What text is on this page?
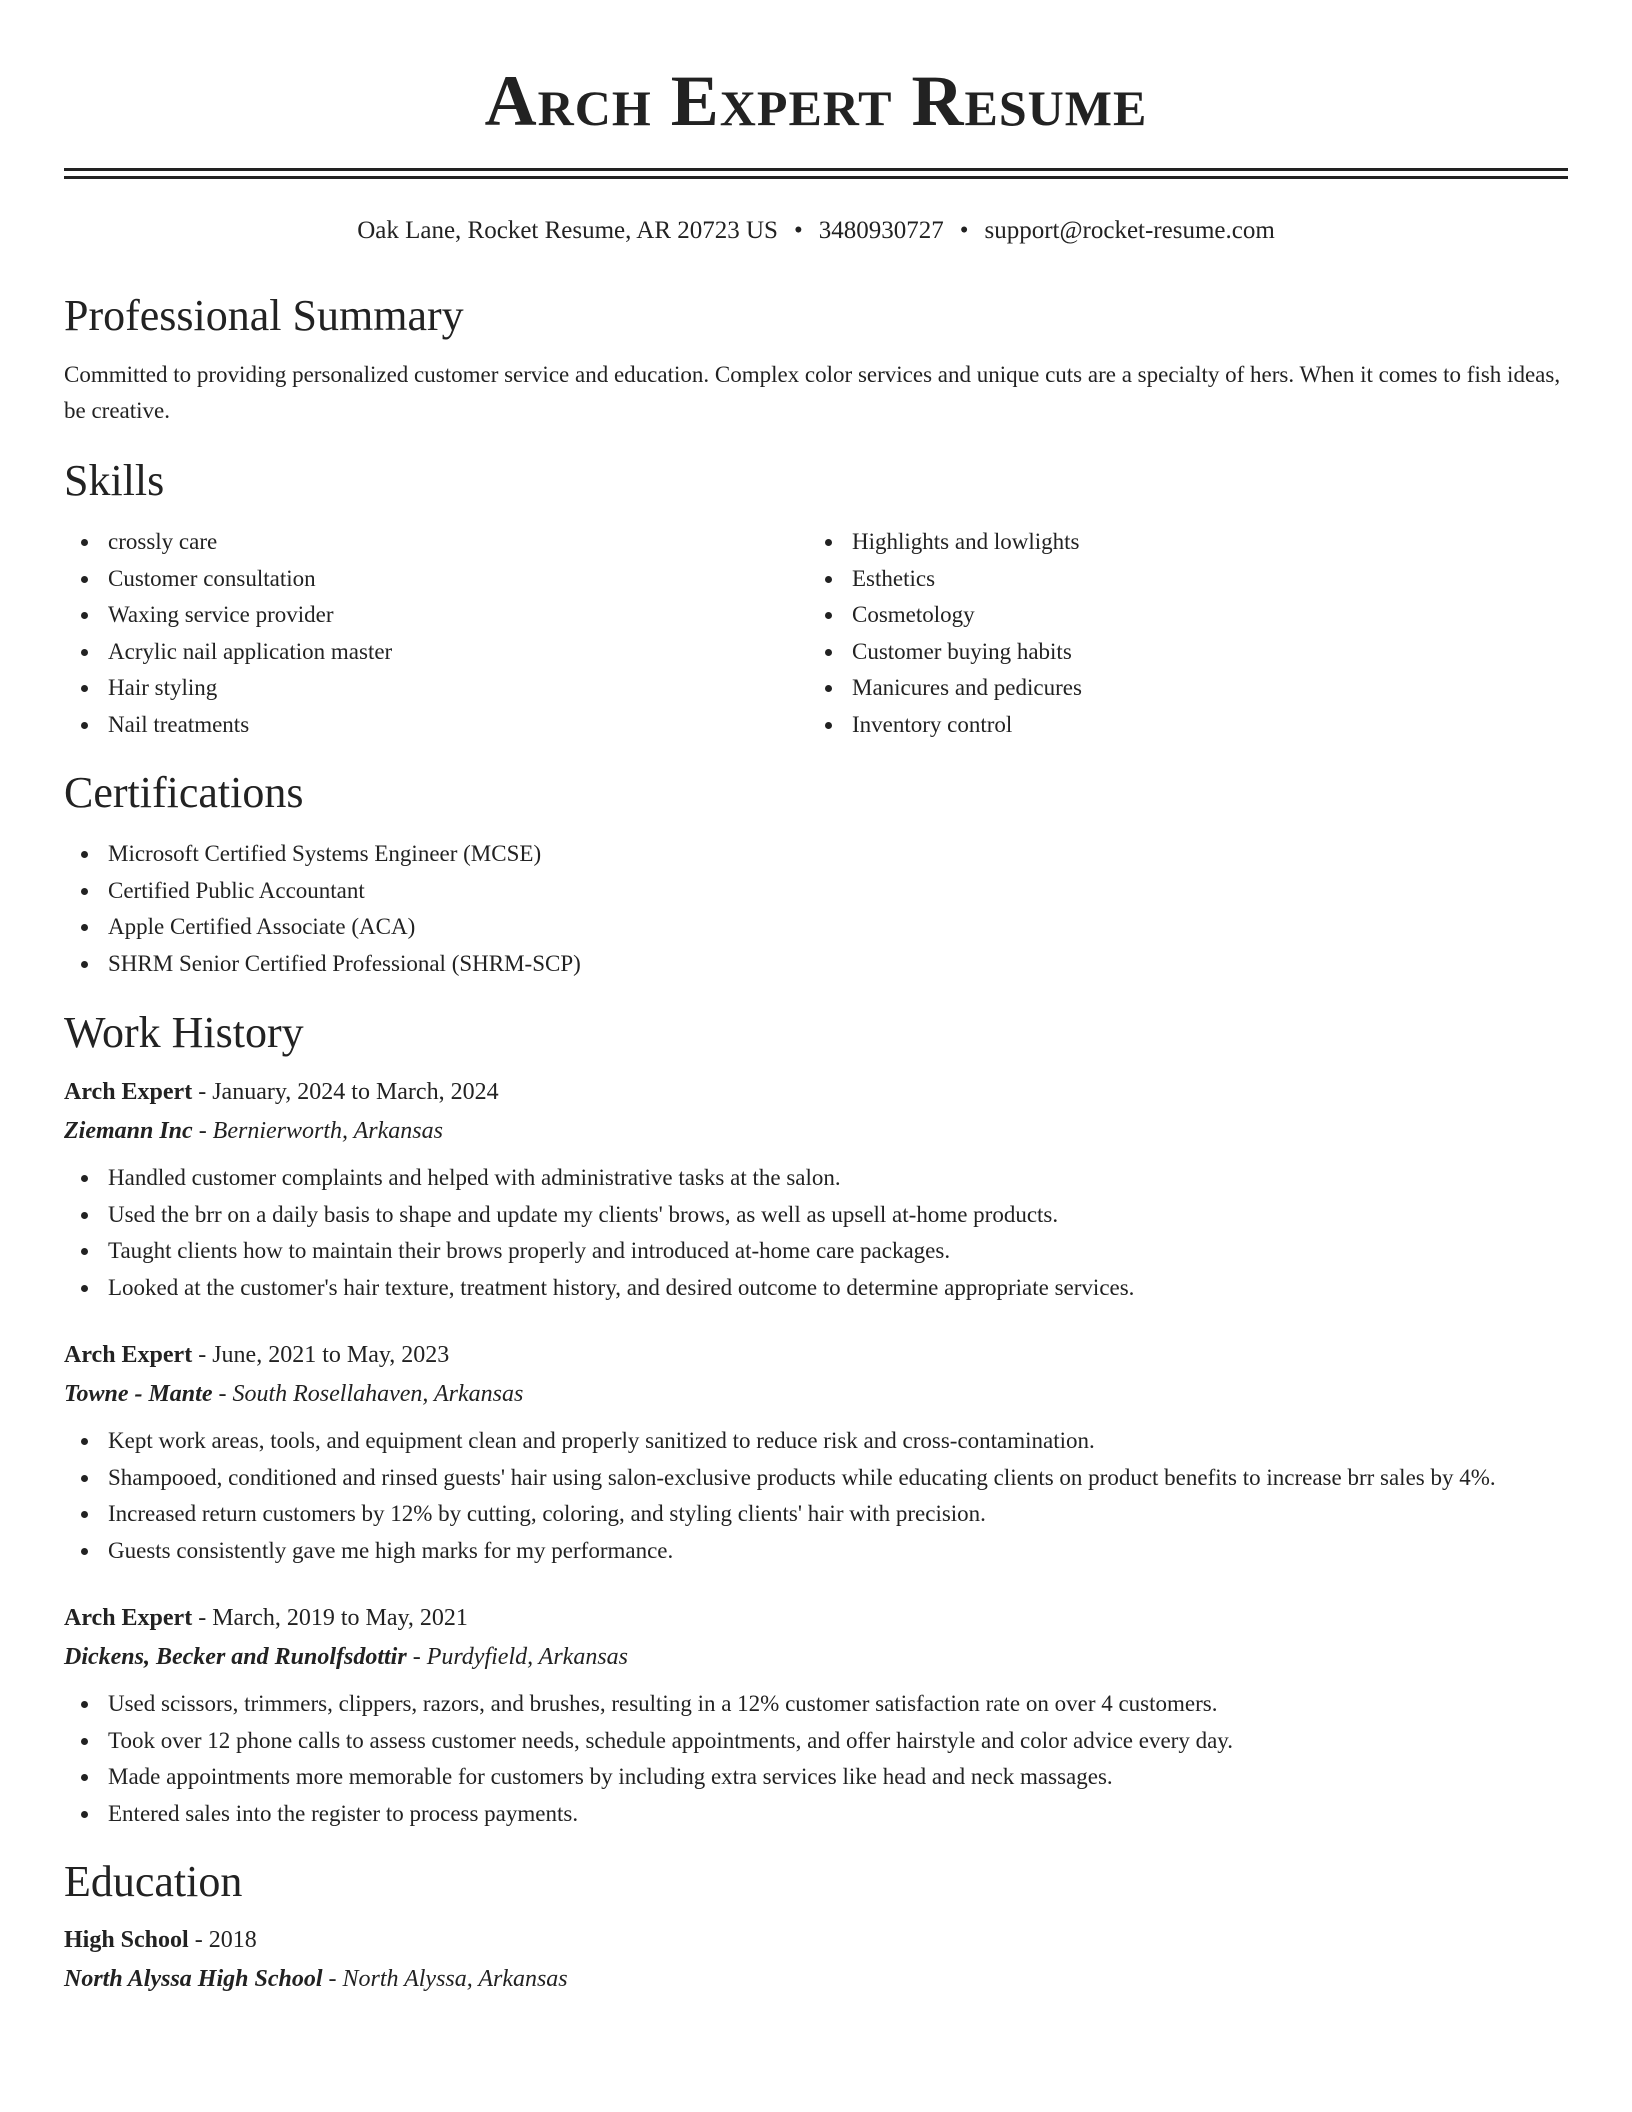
Arch Expert Resume
Oak Lane, Rocket Resume, AR 20723 US • 3480930727 • support@rocket-resume.com
Professional Summary

Committed to providing personalized customer service and education. Complex color services and unique cuts are a specialty of hers. When it comes to fish ideas, be creative.

Skills
crossly care
Customer consultation
Waxing service provider
Acrylic nail application master
Hair styling
Nail treatments
Highlights and lowlights
Esthetics
Cosmetology
Customer buying habits
Manicures and pedicures
Inventory control
Certifications
Microsoft Certified Systems Engineer (MCSE)
Certified Public Accountant
Apple Certified Associate (ACA)
SHRM Senior Certified Professional (SHRM-SCP)
Work History
Arch Expert - January, 2024 to March, 2024
Ziemann Inc - Bernierworth, Arkansas
Handled customer complaints and helped with administrative tasks at the salon.
Used the brr on a daily basis to shape and update my clients' brows, as well as upsell at-home products.
Taught clients how to maintain their brows properly and introduced at-home care packages.
Looked at the customer's hair texture, treatment history, and desired outcome to determine appropriate services.
Arch Expert - June, 2021 to May, 2023
Towne - Mante - South Rosellahaven, Arkansas
Kept work areas, tools, and equipment clean and properly sanitized to reduce risk and cross-contamination.
Shampooed, conditioned and rinsed guests' hair using salon-exclusive products while educating clients on product benefits to increase brr sales by 4%.
Increased return customers by 12% by cutting, coloring, and styling clients' hair with precision.
Guests consistently gave me high marks for my performance.
Arch Expert - March, 2019 to May, 2021
Dickens, Becker and Runolfsdottir - Purdyfield, Arkansas
Used scissors, trimmers, clippers, razors, and brushes, resulting in a 12% customer satisfaction rate on over 4 customers.
Took over 12 phone calls to assess customer needs, schedule appointments, and offer hairstyle and color advice every day.
Made appointments more memorable for customers by including extra services like head and neck massages.
Entered sales into the register to process payments.
Education
High School - 2018
North Alyssa High School - North Alyssa, Arkansas
